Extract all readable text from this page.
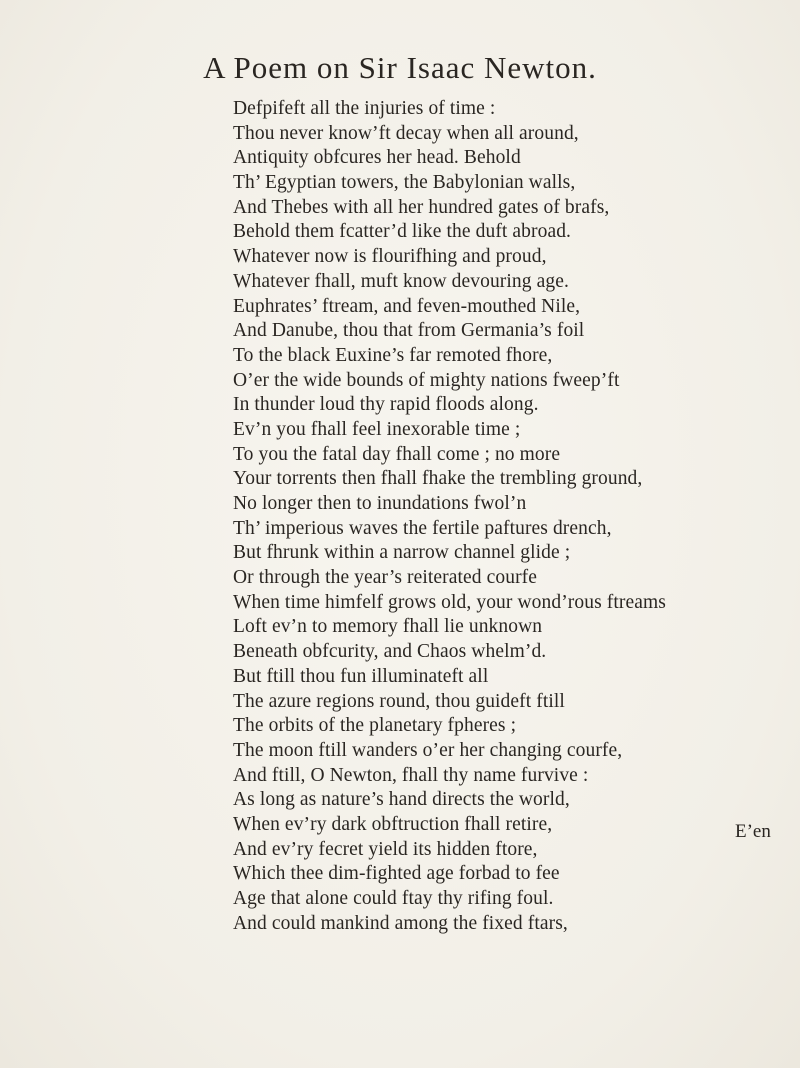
A Poem on Sir Isaac Newton.
Defpifeft all the injuries of time :
Thou never know’ft decay when all around,
Antiquity obfcures her head. Behold
Th’ Egyptian towers, the Babylonian walls,
And Thebes with all her hundred gates of brafs,
Behold them fcatter’d like the duft abroad.
Whatever now is flourifhing and proud,
Whatever fhall, muft know devouring age.
Euphrates’ ftream, and feven-mouthed Nile,
And Danube, thou that from Germania’s foil
To the black Euxine’s far remoted fhore,
O’er the wide bounds of mighty nations fweep’ft
In thunder loud thy rapid floods along.
Ev’n you fhall feel inexorable time ;
To you the fatal day fhall come ; no more
Your torrents then fhall fhake the trembling ground,
No longer then to inundations fwol’n
Th’ imperious waves the fertile paftures drench,
But fhrunk within a narrow channel glide ;
Or through the year’s reiterated courfe
When time himfelf grows old, your wond’rous ftreams
Loft ev’n to memory fhall lie unknown
Beneath obfcurity, and Chaos whelm’d.
But ftill thou fun illuminateft all
The azure regions round, thou guideft ftill
The orbits of the planetary fpheres ;
The moon ftill wanders o’er her changing courfe,
And ftill, O Newton, fhall thy name furvive :
As long as nature’s hand directs the world,
When ev’ry dark obftruction fhall retire,
And ev’ry fecret yield its hidden ftore,
Which thee dim-fighted age forbad to fee
Age that alone could ftay thy rifing foul.
And could mankind among the fixed ftars,
E’en
